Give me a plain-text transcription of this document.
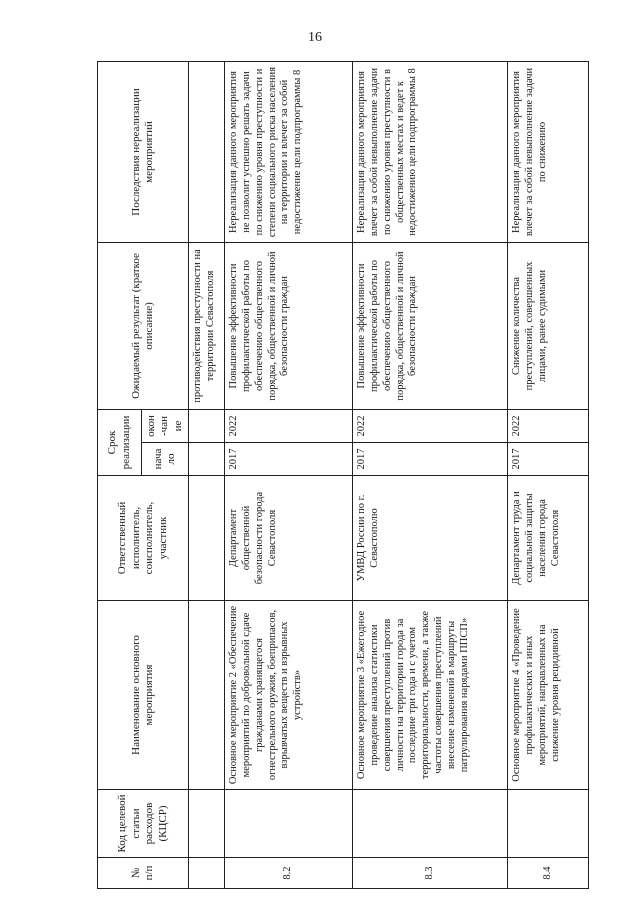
16
№ п/п	Код целевой статьи расходов (КЦСР)	Наименование основного мероприятия	Ответственный исполнитель, соисполнитель, участник	Срок реализации		Ожидаемый результат (краткое описание)	Последствия нереализации мероприятий
				начало	окон-чание		
						противодействия преступности на территории Севастополя	
8.2		Основное мероприятие 2 «Обеспечение мероприятий по добровольной сдаче гражданами хранящегося огнестрельного оружия, боеприпасов, взрывчатых веществ и взрывных устройств»	Департамент общественной безопасности города Севастополя	2017	2022	Повышение эффективности профилактической работы по обеспечению общественного порядка, общественной и личной безопасности граждан	Нереализация данного мероприятия не позволит успешно решать задачи по снижению уровня преступности и степени социального риска населения на территории и влечет за собой недостижение цели подпрограммы 8
8.3		Основное мероприятие 3 «Ежегодное проведение анализа статистики совершения преступлений против личности на территории города за последние три года и с учетом территориальности, времени, а также частоты совершения преступлений внесение изменений в маршруты патрулирования нарядами ППСП»	УМВД России по г. Севастополю	2017	2022	Повышение эффективности профилактической работы по обеспечению общественного порядка, общественной и личной безопасности граждан	Нереализация данного мероприятия влечет за собой невыполнение задачи по снижению уровня преступности в общественных местах и ведет к недостижению цели подпрограммы 8
8.4		Основное мероприятие 4 «Проведение профилактических и иных мероприятий, направленных на снижение уровня рецидивной	Департамент труда и социальной защиты населения города Севастополя	2017	2022	Снижение количества преступлений, совершенных лицами, ранее судимыми	Нереализация данного мероприятия влечет за собой невыполнение задачи по снижению
